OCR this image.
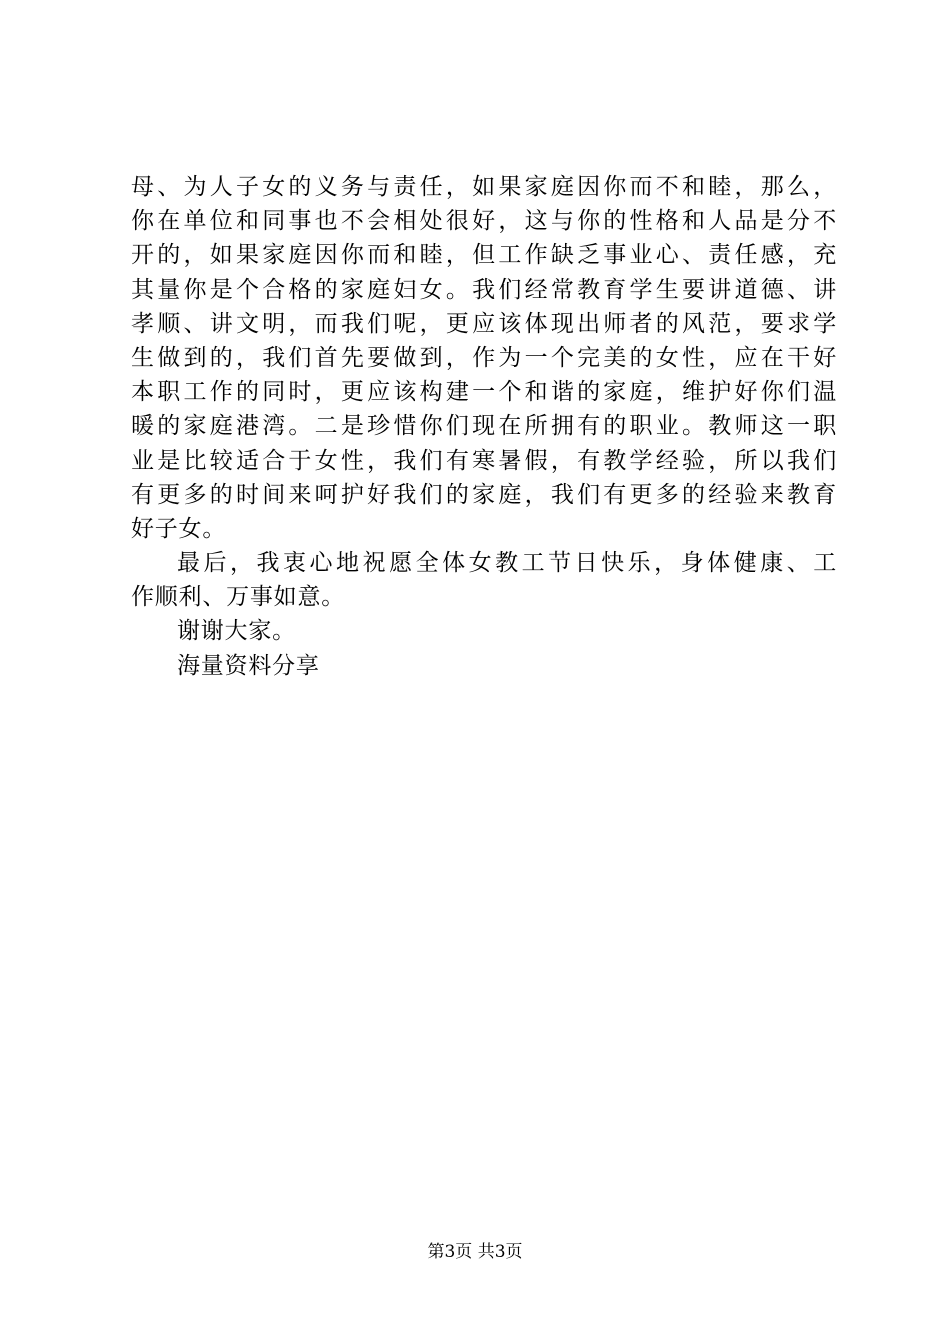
母、为人子女的义务与责任，如果家庭因你而不和睦，那么，
你在单位和同事也不会相处很好，这与你的性格和人品是分不
开的，如果家庭因你而和睦，但工作缺乏事业心、责任感，充
其量你是个合格的家庭妇女。我们经常教育学生要讲道德、讲
孝顺、讲文明，而我们呢，更应该体现出师者的风范，要求学
生做到的，我们首先要做到，作为一个完美的女性，应在干好
本职工作的同时，更应该构建一个和谐的家庭，维护好你们温
暖的家庭港湾。二是珍惜你们现在所拥有的职业。教师这一职
业是比较适合于女性，我们有寒暑假，有教学经验，所以我们
有更多的时间来呵护好我们的家庭，我们有更多的经验来教育
好子女。
最后，我衷心地祝愿全体女教工节日快乐，身体健康、工
作顺利、万事如意。
谢谢大家。
海量资料分享
第3页 共3页
